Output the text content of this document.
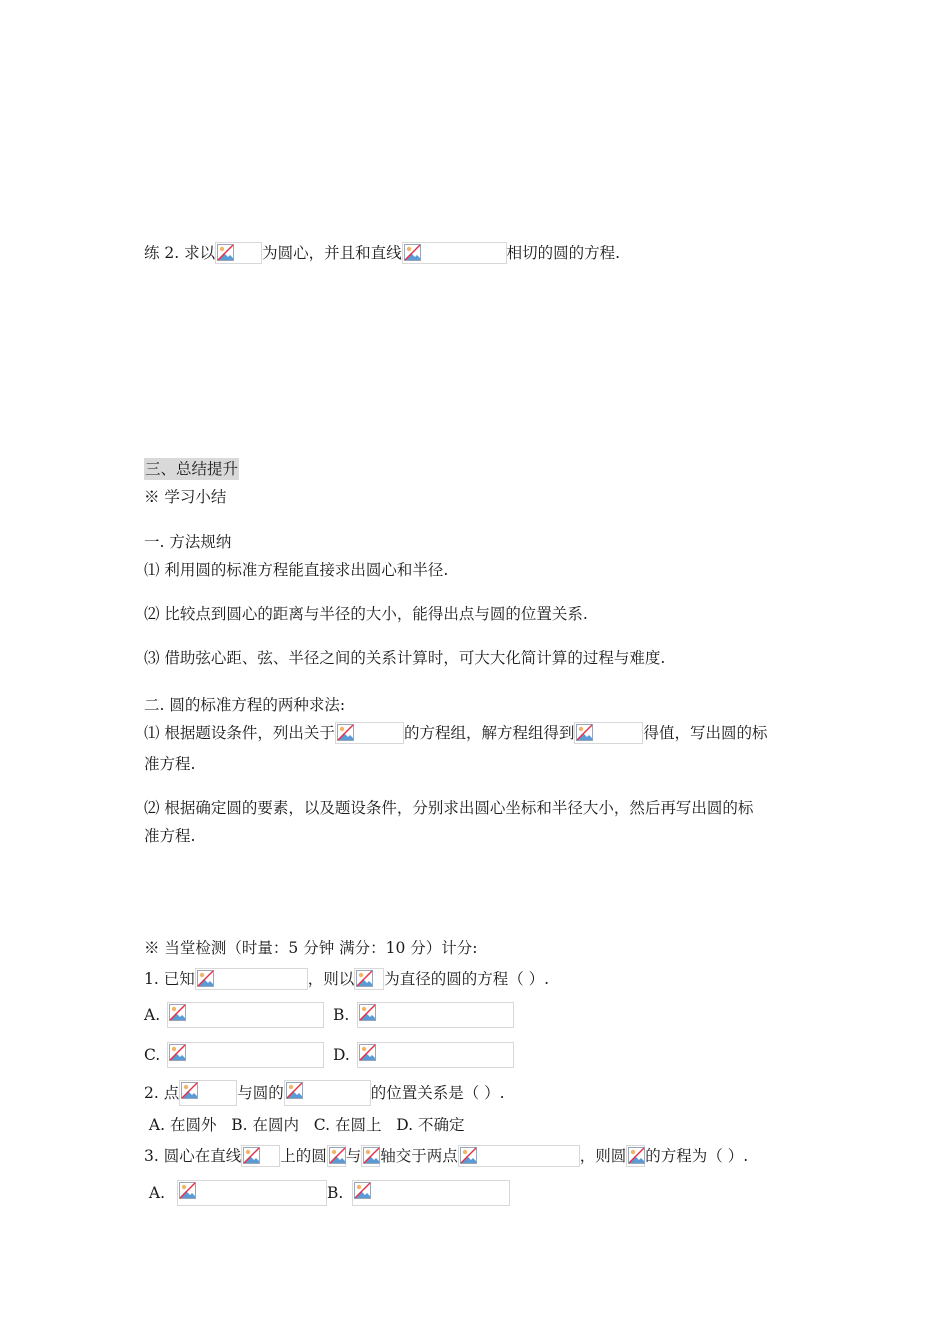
练 2. 求以	为圆心，并且和直线	相切的圆的方程.
三、总结提升
※ 学习小结
一. 方法规纳
⑴ 利用圆的标准方程能直接求出圆心和半径.
⑵ 比较点到圆心的距离与半径的大小，能得出点与圆的位置关系.
⑶ 借助弦心距、弦、半径之间的关系计算时，可大大化简计算的过程与难度.
二. 圆的标准方程的两种求法:
⑴ 根据题设条件，列出关于	的方程组，解方程组得到	得值，写出圆的标
准方程.
⑵ 根据确定圆的要素，以及题设条件，分别求出圆心坐标和半径大小，然后再写出圆的标
准方程.
※ 当堂检测（时量：5 分钟 满分：10 分）计分:
1. 已知	，则以 为直径的圆的方程（ ）.
A.	B.
C.	D.
2. 点	与圆的	的位置关系是（ ）.
A. 在圆外   B. 在圆内   C. 在圆上   D. 不确定
3. 圆心在直线	上的圆 与 轴交于两点	，则圆 的方程为（ ）.
A.	B.
